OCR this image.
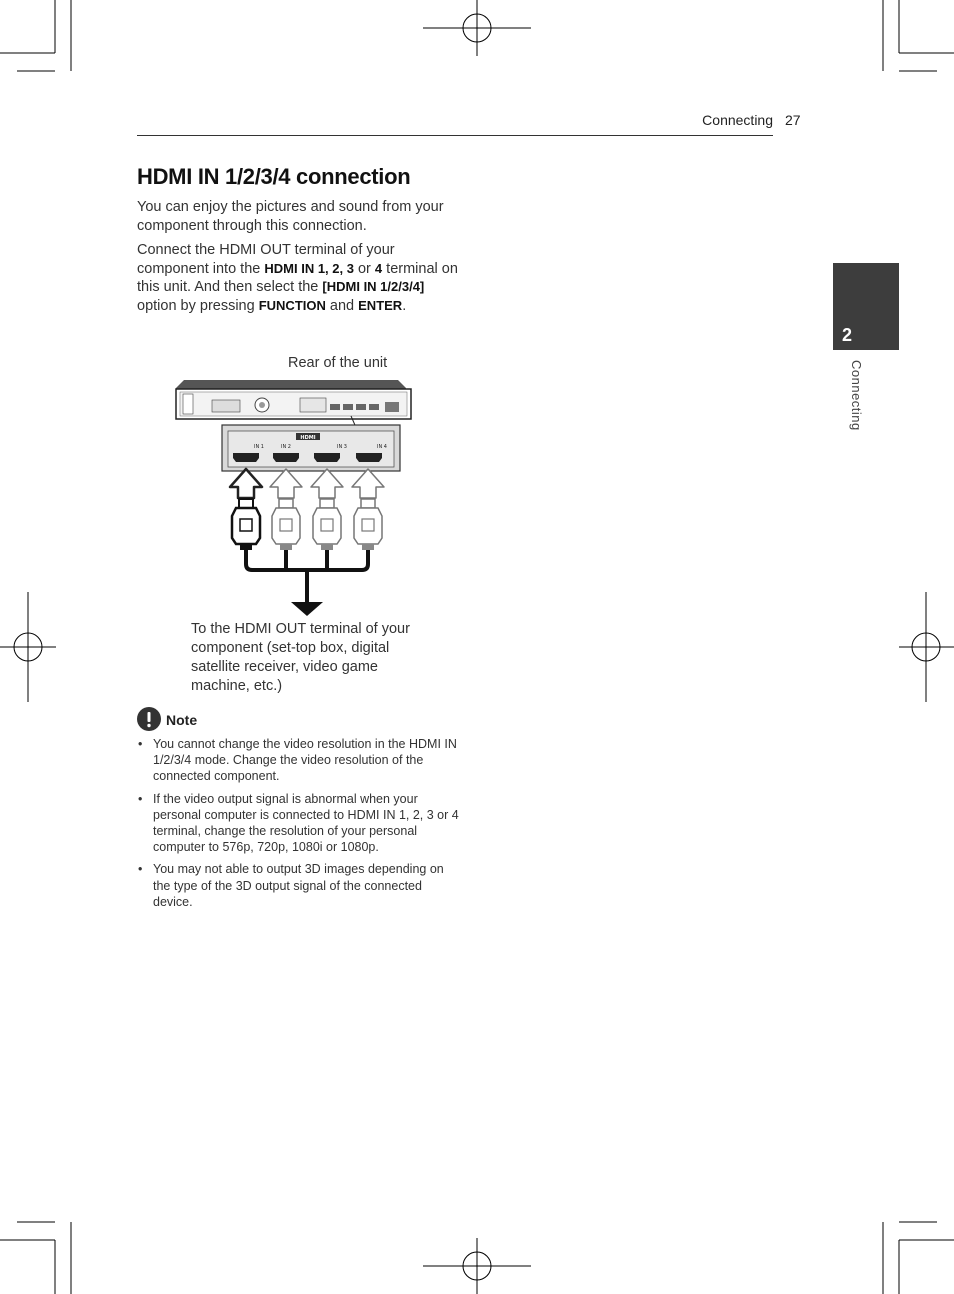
Connecting 27
2
Connecting
HDMI IN 1/2/3/4 connection

You can enjoy the pictures and sound from your component through this connection.

Connect the HDMI OUT terminal of your component into the HDMI IN 1, 2, 3 or 4 terminal on this unit. And then select the [HDMI IN 1/2/3/4] option by pressing FUNCTION and ENTER.

Rear of the unit
HDMI
IN 1	IN 2	IN 3	IN 4

To the HDMI OUT terminal of your component (set-top box, digital satellite receiver, video game machine, etc.)

Note
• You cannot change the video resolution in the HDMI IN 1/2/3/4 mode. Change the video resolution of the connected component.
• If the video output signal is abnormal when your personal computer is connected to HDMI IN 1, 2, 3 or 4 terminal, change the resolution of your personal computer to 576p, 720p, 1080i or 1080p.
• You may not able to output 3D images depending on the type of the 3D output signal of the connected device.
